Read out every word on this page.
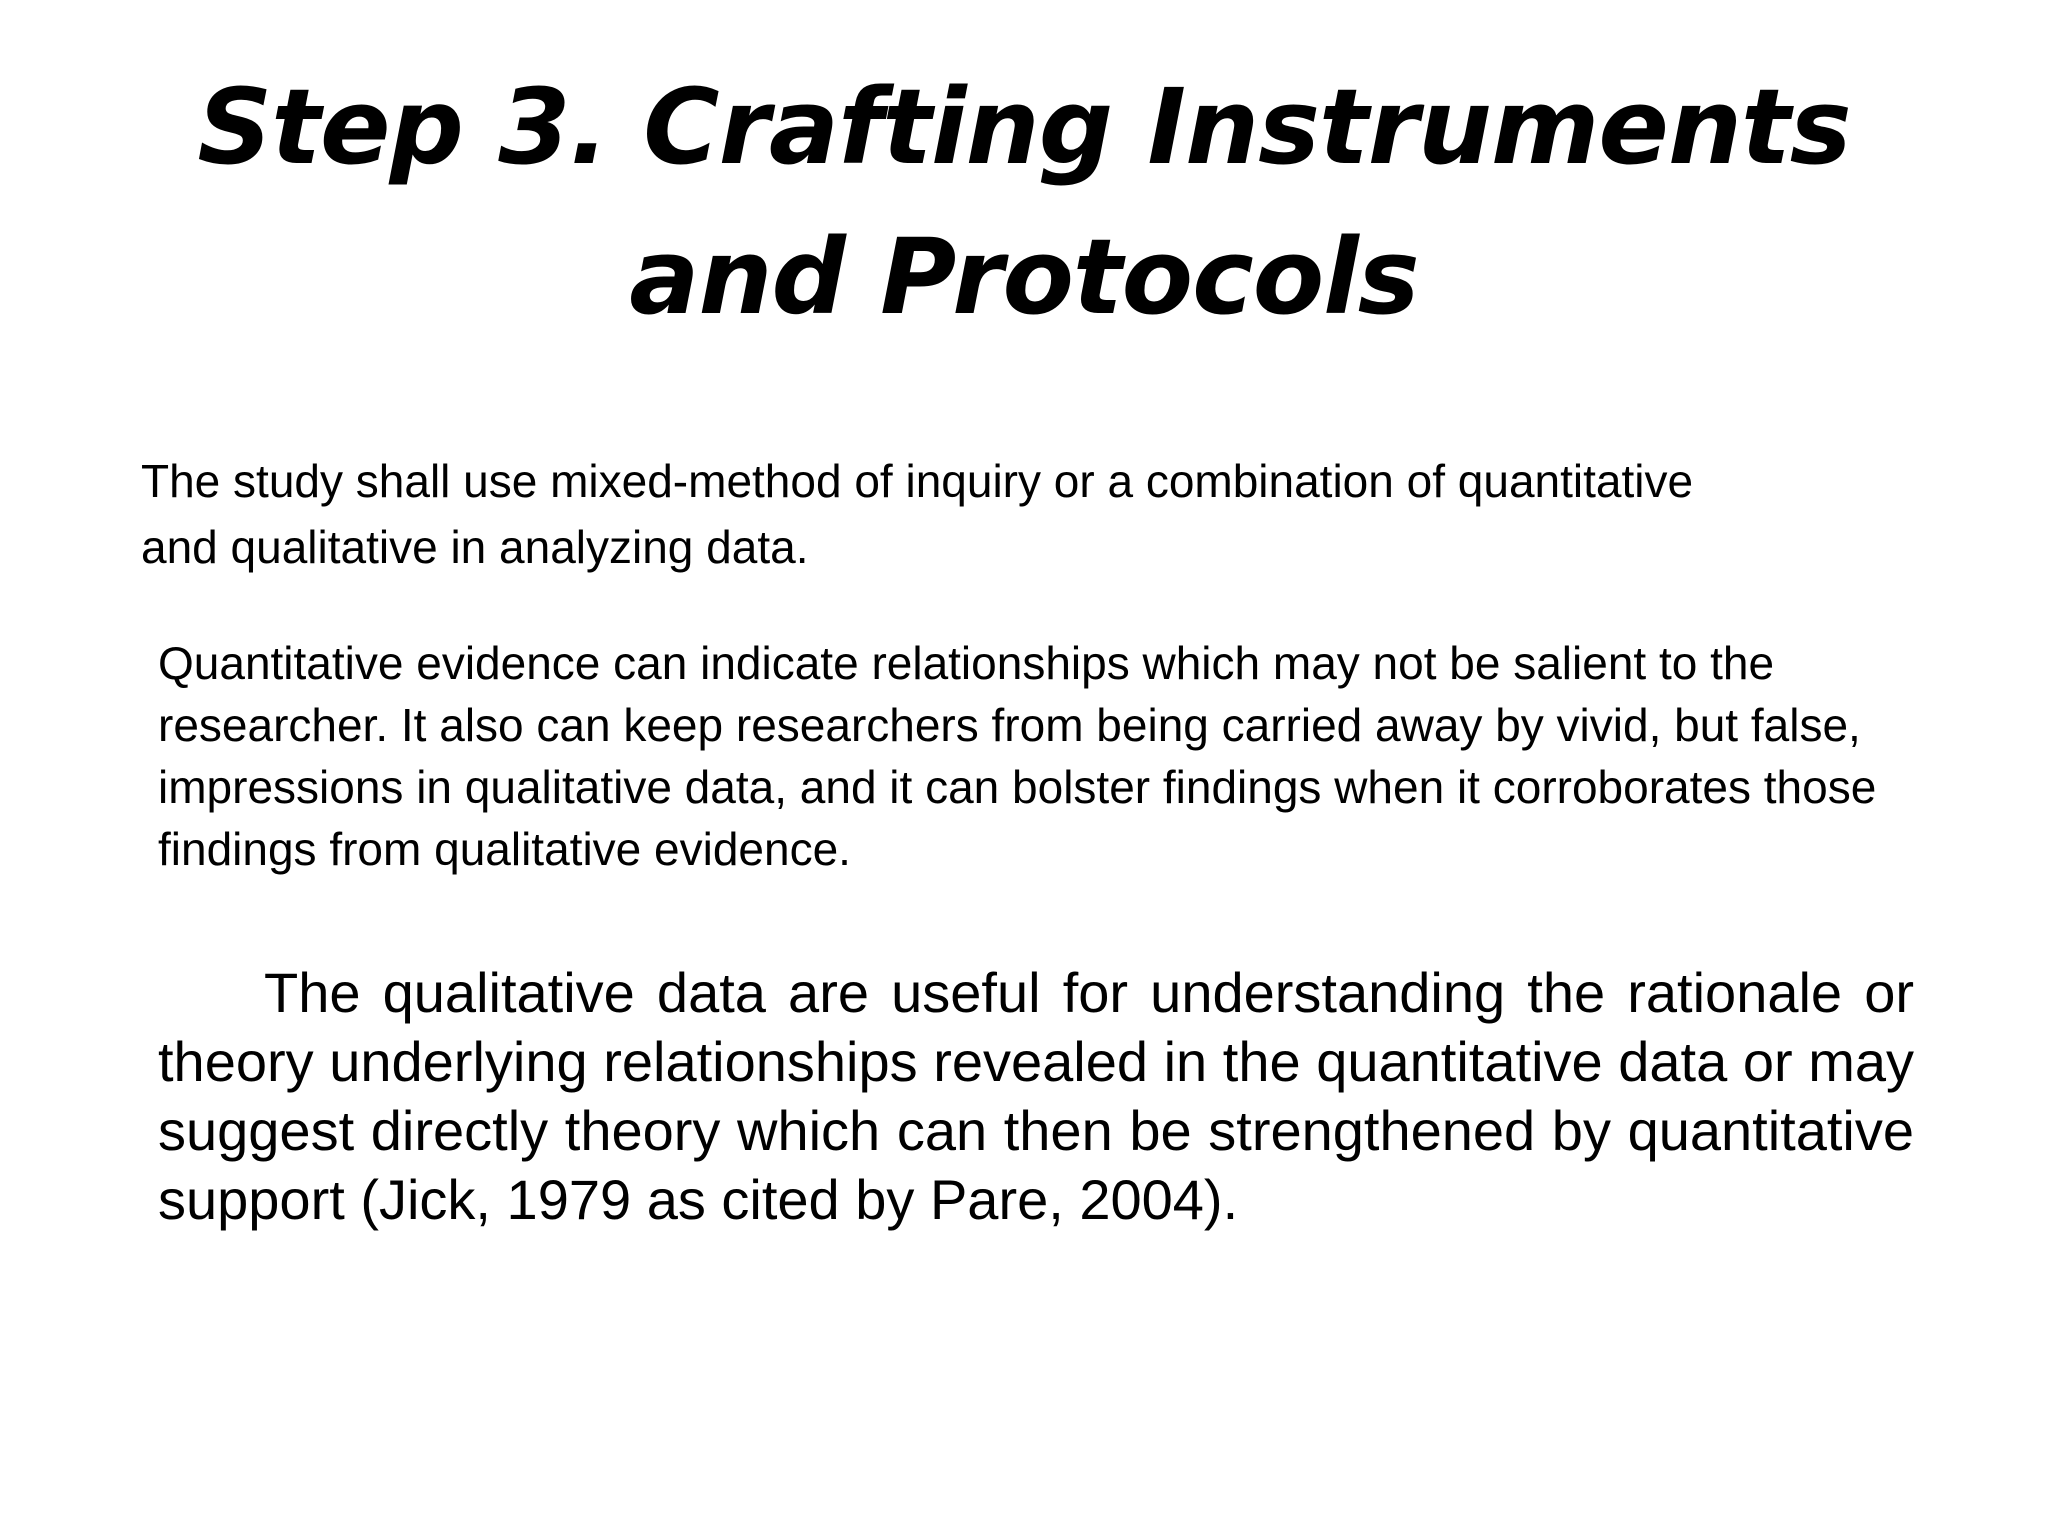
Step 3. Crafting Instruments and Protocols

The study shall use mixed-method of inquiry or a combination of quantitative and qualitative in analyzing data.

Quantitative evidence can indicate relationships which may not be salient to the researcher. It also can keep researchers from being carried away by vivid, but false, impressions in qualitative data, and it can bolster findings when it corroborates those findings from qualitative evidence.

The qualitative data are useful for understanding the rationale or theory underlying relationships revealed in the quantitative data or may suggest directly theory which can then be strengthened by quantitative support (Jick, 1979 as cited by Pare, 2004).
